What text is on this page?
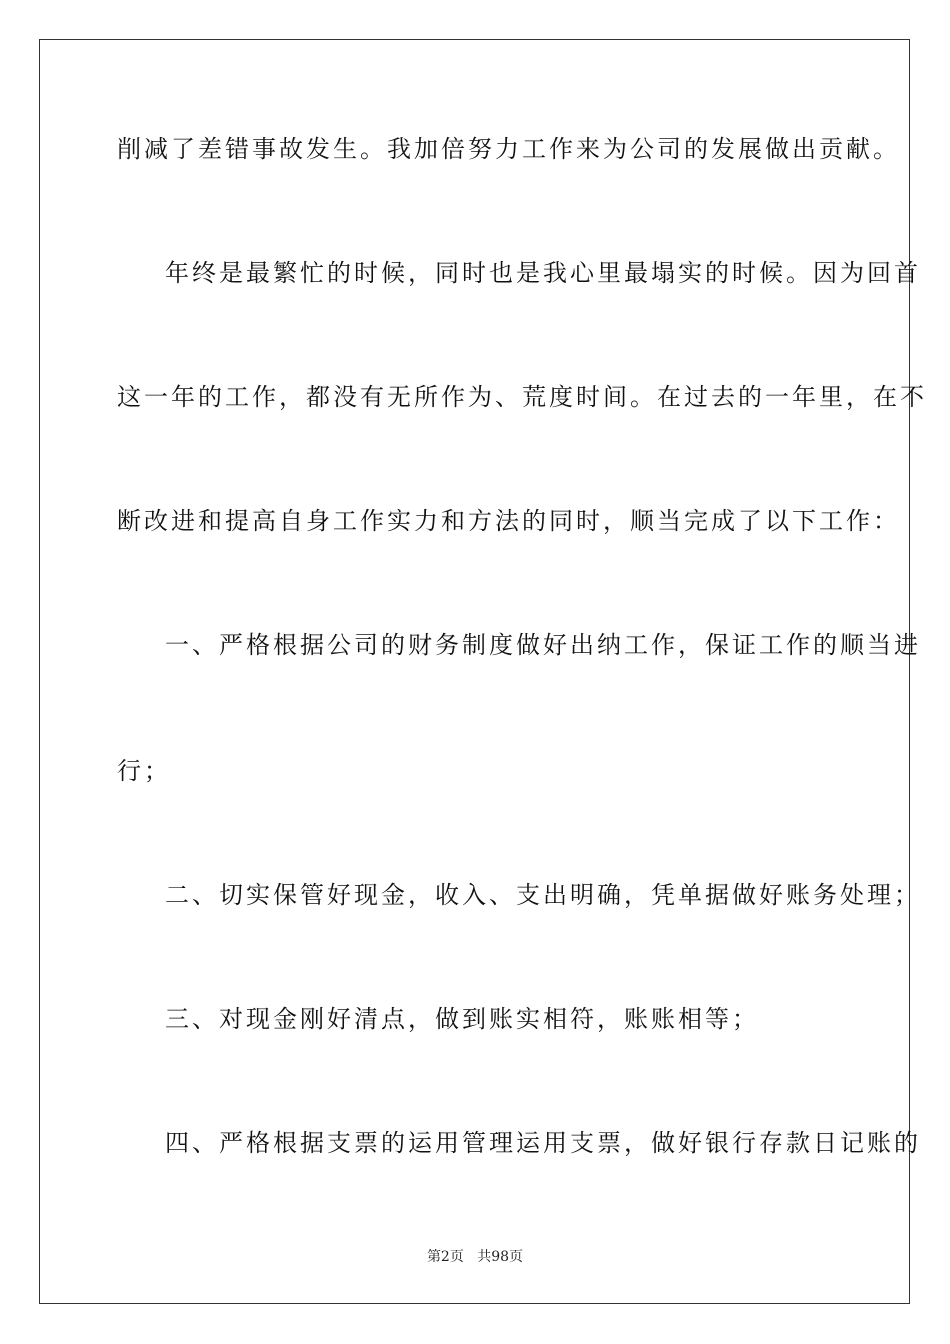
削减了差错事故发生。我加倍努力工作来为公司的发展做出贡献。

年终是最繁忙的时候，同时也是我心里最塌实的时候。因为回首

这一年的工作，都没有无所作为、荒度时间。在过去的一年里，在不

断改进和提高自身工作实力和方法的同时，顺当完成了以下工作：

一、严格根据公司的财务制度做好出纳工作，保证工作的顺当进

行；

二、切实保管好现金，收入、支出明确，凭单据做好账务处理；

三、对现金刚好清点，做到账实相符，账账相等；

四、严格根据支票的运用管理运用支票，做好银行存款日记账的

第2页 共98页
